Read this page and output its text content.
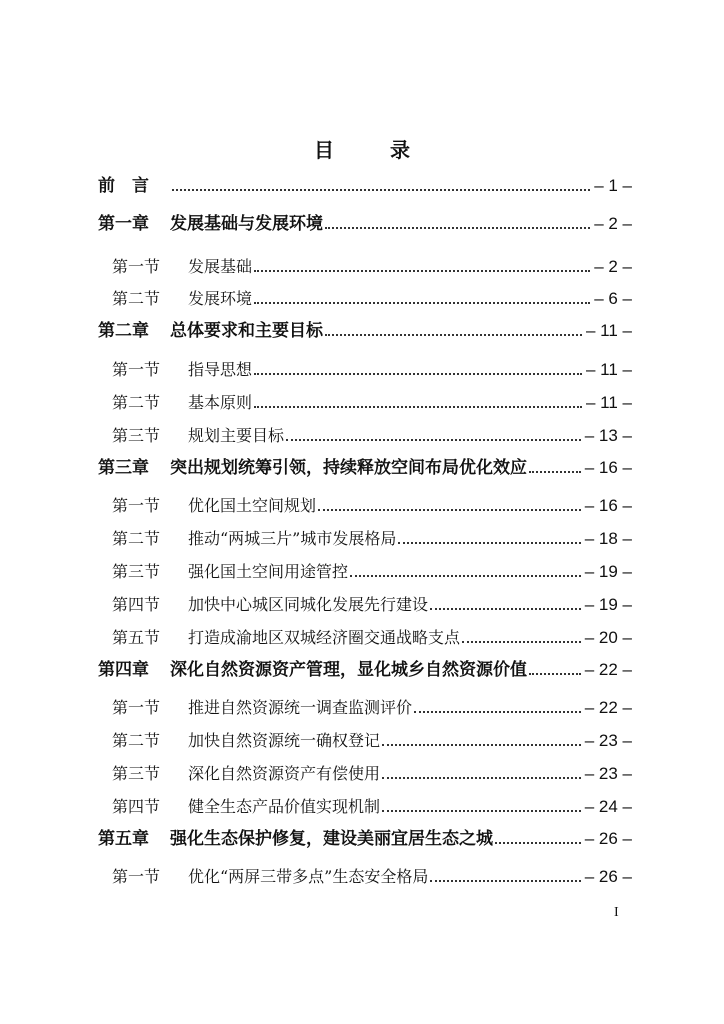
目　录
前　言	– 1 –
第一章	发展基础与发展环境	– 2 –
第一节	发展基础	– 2 –
第二节	发展环境	– 6 –
第二章	总体要求和主要目标	– 11 –
第一节	指导思想	– 11 –
第二节	基本原则	– 11 –
第三节	规划主要目标	– 13 –
第三章	突出规划统筹引领，持续释放空间布局优化效应	– 16 –
第一节	优化国土空间规划	– 16 –
第二节	推动“两城三片”城市发展格局	– 18 –
第三节	强化国土空间用途管控	– 19 –
第四节	加快中心城区同城化发展先行建设	– 19 –
第五节	打造成渝地区双城经济圈交通战略支点	– 20 –
第四章	深化自然资源资产管理，显化城乡自然资源价值	– 22 –
第一节	推进自然资源统一调查监测评价	– 22 –
第二节	加快自然资源统一确权登记	– 23 –
第三节	深化自然资源资产有偿使用	– 23 –
第四节	健全生态产品价值实现机制	– 24 –
第五章	强化生态保护修复，建设美丽宜居生态之城	– 26 –
第一节	优化“两屏三带多点”生态安全格局	– 26 –
I
